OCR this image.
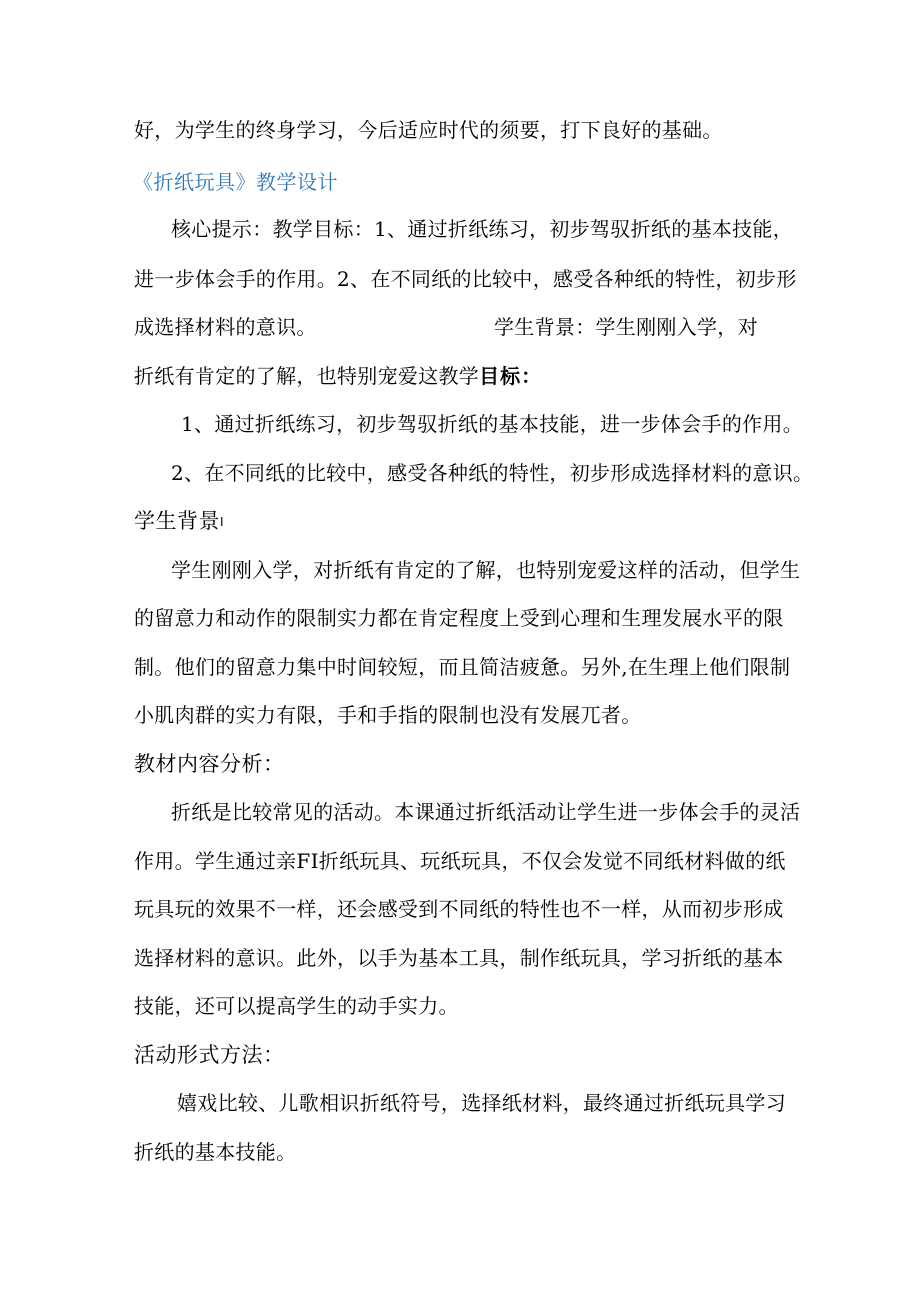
好，为学生的终身学习，今后适应时代的须要，打下良好的基础。
《折纸玩具》教学设计
核心提示：教学目标：1、通过折纸练习，初步驾驭折纸的基本技能，
进一步体会手的作用。2、在不同纸的比较中，感受各种纸的特性，初步形
成选择材料的意识。	学生背景：学生刚刚入学，对
折纸有肯定的了解，也特别宠爱这教学目标：
1、通过折纸练习，初步驾驭折纸的基本技能，进一步体会手的作用。
2、在不同纸的比较中，感受各种纸的特性，初步形成选择材料的意识。
学生背景I
学生刚刚入学，对折纸有肯定的了解，也特别宠爱这样的活动，但学生
的留意力和动作的限制实力都在肯定程度上受到心理和生理发展水平的限
制。他们的留意力集中时间较短，而且简洁疲惫。另外,在生理上他们限制
小肌肉群的实力有限，手和手指的限制也没有发展兀者。
教材内容分析：
折纸是比较常见的活动。本课通过折纸活动让学生进一步体会手的灵活
作用。学生通过亲FI折纸玩具、玩纸玩具，不仅会发觉不同纸材料做的纸
玩具玩的效果不一样，还会感受到不同纸的特性也不一样，从而初步形成
选择材料的意识。此外，以手为基本工具，制作纸玩具，学习折纸的基本
技能，还可以提高学生的动手实力。
活动形式方法：
嬉戏比较、儿歌相识折纸符号，选择纸材料，最终通过折纸玩具学习
折纸的基本技能。
